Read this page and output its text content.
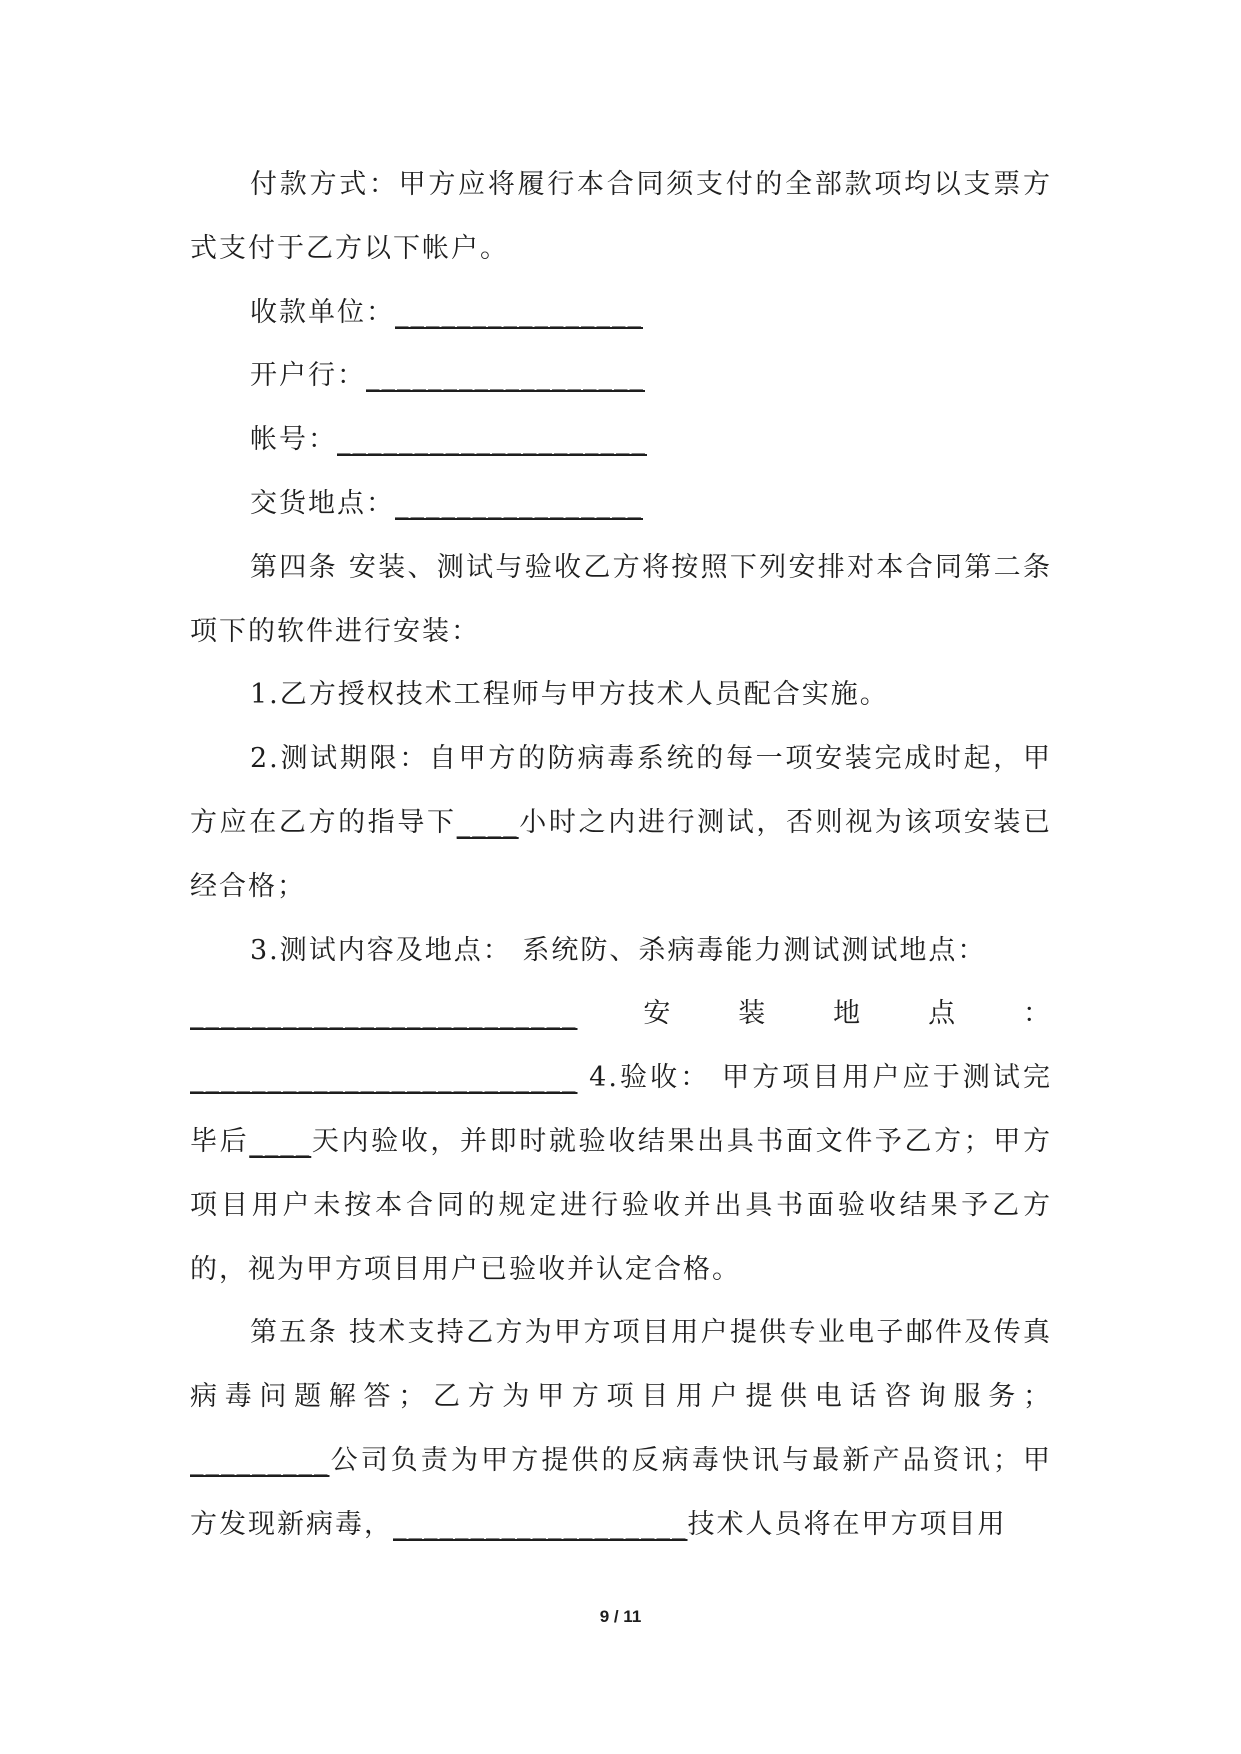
付款方式：甲方应将履行本合同须支付的全部款项均以支票方式支付于乙方以下帐户。

收款单位：________________

开户行：__________________

帐号：____________________

交货地点：________________

第四条 安装、测试与验收乙方将按照下列安排对本合同第二条项下的软件进行安装：

1.乙方授权技术工程师与甲方技术人员配合实施。

2.测试期限：自甲方的防病毒系统的每一项安装完成时起，甲方应在乙方的指导下____小时之内进行测试，否则视为该项安装已经合格；

3.测试内容及地点： 系统防、杀病毒能力测试测试地点：

_________________________ 安 装 地 点 ：

_________________________ 4.验收： 甲方项目用户应于测试完毕后____天内验收，并即时就验收结果出具书面文件予乙方；甲方项目用户未按本合同的规定进行验收并出具书面验收结果予乙方的，视为甲方项目用户已验收并认定合格。

第五条 技术支持乙方为甲方项目用户提供专业电子邮件及传真病毒问题解答；乙方为甲方项目用户提供电话咨询服务；_________公司负责为甲方提供的反病毒快讯与最新产品资讯；甲方发现新病毒，___________________技术人员将在甲方项目用

9 / 11
